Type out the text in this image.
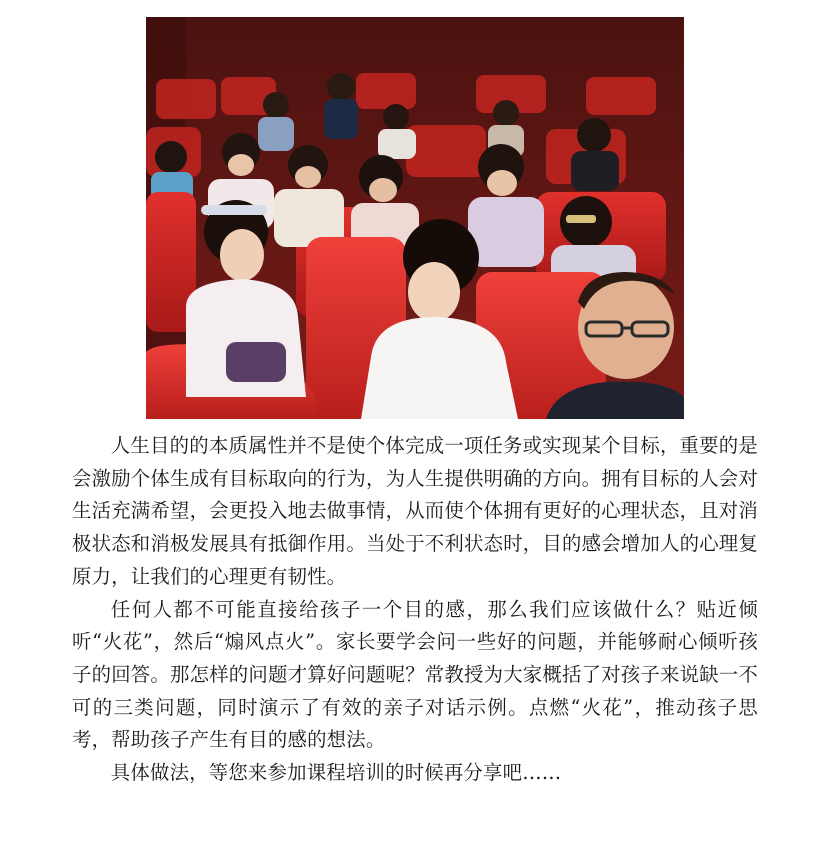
人生目的的本质属性并不是使个体完成一项任务或实现某个目标，重要的是会激励个体生成有目标取向的行为，为人生提供明确的方向。拥有目标的人会对生活充满希望，会更投入地去做事情，从而使个体拥有更好的心理状态，且对消极状态和消极发展具有抵御作用。当处于不利状态时，目的感会增加人的心理复原力，让我们的心理更有韧性。

任何人都不可能直接给孩子一个目的感，那么我们应该做什么？贴近倾听“火花”，然后“煽风点火”。家长要学会问一些好的问题，并能够耐心倾听孩子的回答。那怎样的问题才算好问题呢？常教授为大家概括了对孩子来说缺一不可的三类问题，同时演示了有效的亲子对话示例。点燃“火花”，推动孩子思考，帮助孩子产生有目的感的想法。

具体做法，等您来参加课程培训的时候再分享吧……
